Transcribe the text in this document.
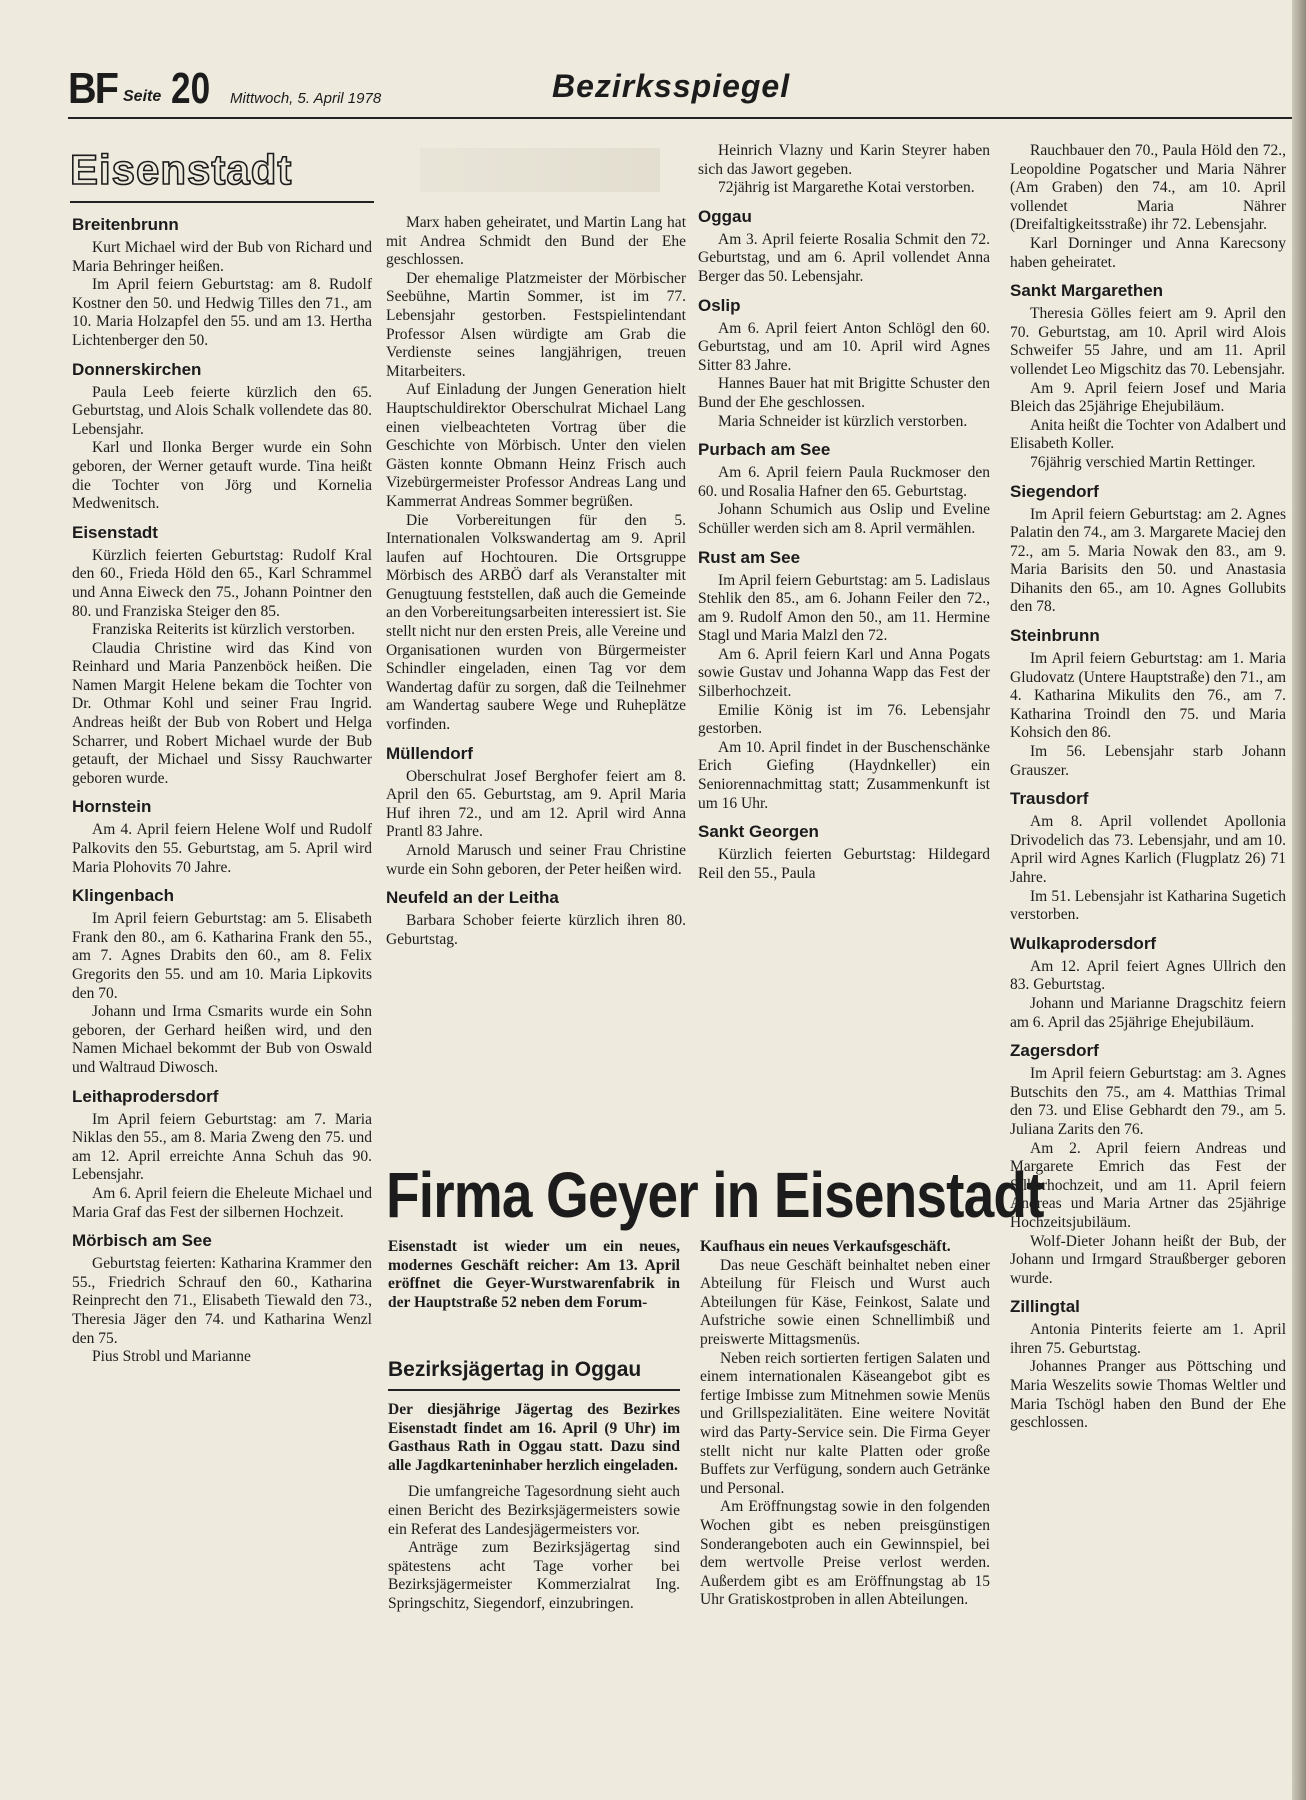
BF Seite 20 Mittwoch, 5. April 1978	Bezirksspiegel
Eisenstadt
Breitenbrunn

Kurt Michael wird der Bub von Richard und Maria Behringer heißen.

Im April feiern Geburtstag: am 8. Rudolf Kostner den 50. und Hedwig Tilles den 71., am 10. Maria Holzapfel den 55. und am 13. Hertha Lichtenberger den 50.

Donnerskirchen

Paula Leeb feierte kürzlich den 65. Geburtstag, und Alois Schalk vollendete das 80. Lebensjahr.

Karl und Ilonka Berger wurde ein Sohn geboren, der Werner getauft wurde. Tina heißt die Tochter von Jörg und Kornelia Medwenitsch.

Eisenstadt

Kürzlich feierten Geburtstag: Rudolf Kral den 60., Frieda Höld den 65., Karl Schrammel und Anna Eiweck den 75., Johann Pointner den 80. und Franziska Steiger den 85.

Franziska Reiterits ist kürzlich verstorben.

Claudia Christine wird das Kind von Reinhard und Maria Panzenböck heißen. Die Namen Margit Helene bekam die Tochter von Dr. Othmar Kohl und seiner Frau Ingrid. Andreas heißt der Bub von Robert und Helga Scharrer, und Robert Michael wurde der Bub getauft, der Michael und Sissy Rauchwarter geboren wurde.

Hornstein

Am 4. April feiern Helene Wolf und Rudolf Palkovits den 55. Geburtstag, am 5. April wird Maria Plohovits 70 Jahre.

Klingenbach

Im April feiern Geburtstag: am 5. Elisabeth Frank den 80., am 6. Katharina Frank den 55., am 7. Agnes Drabits den 60., am 8. Felix Gregorits den 55. und am 10. Maria Lipkovits den 70.

Johann und Irma Csmarits wurde ein Sohn geboren, der Gerhard heißen wird, und den Namen Michael bekommt der Bub von Oswald und Waltraud Diwosch.

Leithaprodersdorf

Im April feiern Geburtstag: am 7. Maria Niklas den 55., am 8. Maria Zweng den 75. und am 12. April erreichte Anna Schuh das 90. Lebensjahr.

Am 6. April feiern die Eheleute Michael und Maria Graf das Fest der silbernen Hochzeit.

Mörbisch am See

Geburtstag feierten: Katharina Krammer den 55., Friedrich Schrauf den 60., Katharina Reinprecht den 71., Elisabeth Tiewald den 73., Theresia Jäger den 74. und Katharina Wenzl den 75.

Pius Strobl und Marianne

Marx haben geheiratet, und Martin Lang hat mit Andrea Schmidt den Bund der Ehe geschlossen.

Der ehemalige Platzmeister der Mörbischer Seebühne, Martin Sommer, ist im 77. Lebensjahr gestorben. Festspielintendant Professor Alsen würdigte am Grab die Verdienste seines langjährigen, treuen Mitarbeiters.

Auf Einladung der Jungen Generation hielt Hauptschuldirektor Oberschulrat Michael Lang einen vielbeachteten Vortrag über die Geschichte von Mörbisch. Unter den vielen Gästen konnte Obmann Heinz Frisch auch Vizebürgermeister Professor Andreas Lang und Kammerrat Andreas Sommer begrüßen.

Die Vorbereitungen für den 5. Internationalen Volkswandertag am 9. April laufen auf Hochtouren. Die Ortsgruppe Mörbisch des ARBÖ darf als Veranstalter mit Genugtuung feststellen, daß auch die Gemeinde an den Vorbereitungsarbeiten interessiert ist. Sie stellt nicht nur den ersten Preis, alle Vereine und Organisationen wurden von Bürgermeister Schindler eingeladen, einen Tag vor dem Wandertag dafür zu sorgen, daß die Teilnehmer am Wandertag saubere Wege und Ruheplätze vorfinden.

Müllendorf

Oberschulrat Josef Berghofer feiert am 8. April den 65. Geburtstag, am 9. April Maria Huf ihren 72., und am 12. April wird Anna Prantl 83 Jahre.

Arnold Marusch und seiner Frau Christine wurde ein Sohn geboren, der Peter heißen wird.

Neufeld an der Leitha

Barbara Schober feierte kürzlich ihren 80. Geburtstag.

Heinrich Vlazny und Karin Steyrer haben sich das Jawort gegeben.

72jährig ist Margarethe Kotai verstorben.

Oggau

Am 3. April feierte Rosalia Schmit den 72. Geburtstag, und am 6. April vollendet Anna Berger das 50. Lebensjahr.

Oslip

Am 6. April feiert Anton Schlögl den 60. Geburtstag, und am 10. April wird Agnes Sitter 83 Jahre.

Hannes Bauer hat mit Brigitte Schuster den Bund der Ehe geschlossen.

Maria Schneider ist kürzlich verstorben.

Purbach am See

Am 6. April feiern Paula Ruckmoser den 60. und Rosalia Hafner den 65. Geburtstag.

Johann Schumich aus Oslip und Eveline Schüller werden sich am 8. April vermählen.

Rust am See

Im April feiern Geburtstag: am 5. Ladislaus Stehlik den 85., am 6. Johann Feiler den 72., am 9. Rudolf Amon den 50., am 11. Hermine Stagl und Maria Malzl den 72.

Am 6. April feiern Karl und Anna Pogats sowie Gustav und Johanna Wapp das Fest der Silberhochzeit.

Emilie König ist im 76. Lebensjahr gestorben.

Am 10. April findet in der Buschenschänke Erich Giefing (Haydnkeller) ein Seniorennachmittag statt; Zusammenkunft ist um 16 Uhr.

Sankt Georgen

Kürzlich feierten Geburtstag: Hildegard Reil den 55., Paula

Rauchbauer den 70., Paula Höld den 72., Leopoldine Pogatscher und Maria Nährer (Am Graben) den 74., am 10. April vollendet Maria Nährer (Dreifaltigkeitsstraße) ihr 72. Lebensjahr.

Karl Dorninger und Anna Karecsony haben geheiratet.

Sankt Margarethen

Theresia Gölles feiert am 9. April den 70. Geburtstag, am 10. April wird Alois Schweifer 55 Jahre, und am 11. April vollendet Leo Migschitz das 70. Lebensjahr.

Am 9. April feiern Josef und Maria Bleich das 25jährige Ehejubiläum.

Anita heißt die Tochter von Adalbert und Elisabeth Koller.

76jährig verschied Martin Rettinger.

Siegendorf

Im April feiern Geburtstag: am 2. Agnes Palatin den 74., am 3. Margarete Maciej den 72., am 5. Maria Nowak den 83., am 9. Maria Barisits den 50. und Anastasia Dihanits den 65., am 10. Agnes Gollubits den 78.

Steinbrunn

Im April feiern Geburtstag: am 1. Maria Gludovatz (Untere Hauptstraße) den 71., am 4. Katharina Mikulits den 76., am 7. Katharina Troindl den 75. und Maria Kohsich den 86.

Im 56. Lebensjahr starb Johann Grauszer.

Trausdorf

Am 8. April vollendet Apollonia Drivodelich das 73. Lebensjahr, und am 10. April wird Agnes Karlich (Flugplatz 26) 71 Jahre.

Im 51. Lebensjahr ist Katharina Sugetich verstorben.

Wulkaprodersdorf

Am 12. April feiert Agnes Ullrich den 83. Geburtstag.

Johann und Marianne Dragschitz feiern am 6. April das 25jährige Ehejubiläum.

Zagersdorf

Im April feiern Geburtstag: am 3. Agnes Butschits den 75., am 4. Matthias Trimal den 73. und Elise Gebhardt den 79., am 5. Juliana Zarits den 76.

Am 2. April feiern Andreas und Margarete Emrich das Fest der Silberhochzeit, und am 11. April feiern Andreas und Maria Artner das 25jährige Hochzeitsjubiläum.

Wolf-Dieter Johann heißt der Bub, der Johann und Irmgard Straußberger geboren wurde.

Zillingtal

Antonia Pinterits feierte am 1. April ihren 75. Geburtstag.

Johannes Pranger aus Pöttsching und Maria Weszelits sowie Thomas Weltler und Maria Tschögl haben den Bund der Ehe geschlossen.

Firma Geyer in Eisenstadt

Eisenstadt ist wieder um ein neues, modernes Geschäft reicher: Am 13. April eröffnet die Geyer-Wurstwarenfabrik in der Hauptstraße 52 neben dem Forum-

Bezirksjägertag in Oggau

Der diesjährige Jägertag des Bezirkes Eisenstadt findet am 16. April (9 Uhr) im Gasthaus Rath in Oggau statt. Dazu sind alle Jagdkarteninhaber herzlich eingeladen.

Die umfangreiche Tagesordnung sieht auch einen Bericht des Bezirksjägermeisters sowie ein Referat des Landesjägermeisters vor.

Anträge zum Bezirksjägertag sind spätestens acht Tage vorher bei Bezirksjägermeister Kommerzialrat Ing. Springschitz, Siegendorf, einzubringen.

Kaufhaus ein neues Verkaufsgeschäft.

Das neue Geschäft beinhaltet neben einer Abteilung für Fleisch und Wurst auch Abteilungen für Käse, Feinkost, Salate und Aufstriche sowie einen Schnellimbiß und preiswerte Mittagsmenüs.

Neben reich sortierten fertigen Salaten und einem internationalen Käseangebot gibt es fertige Imbisse zum Mitnehmen sowie Menüs und Grillspezialitäten. Eine weitere Novität wird das Party-Service sein. Die Firma Geyer stellt nicht nur kalte Platten oder große Buffets zur Verfügung, sondern auch Getränke und Personal.

Am Eröffnungstag sowie in den folgenden Wochen gibt es neben preisgünstigen Sonderangeboten auch ein Gewinnspiel, bei dem wertvolle Preise verlost werden. Außerdem gibt es am Eröffnungstag ab 15 Uhr Gratiskostproben in allen Abteilungen.
